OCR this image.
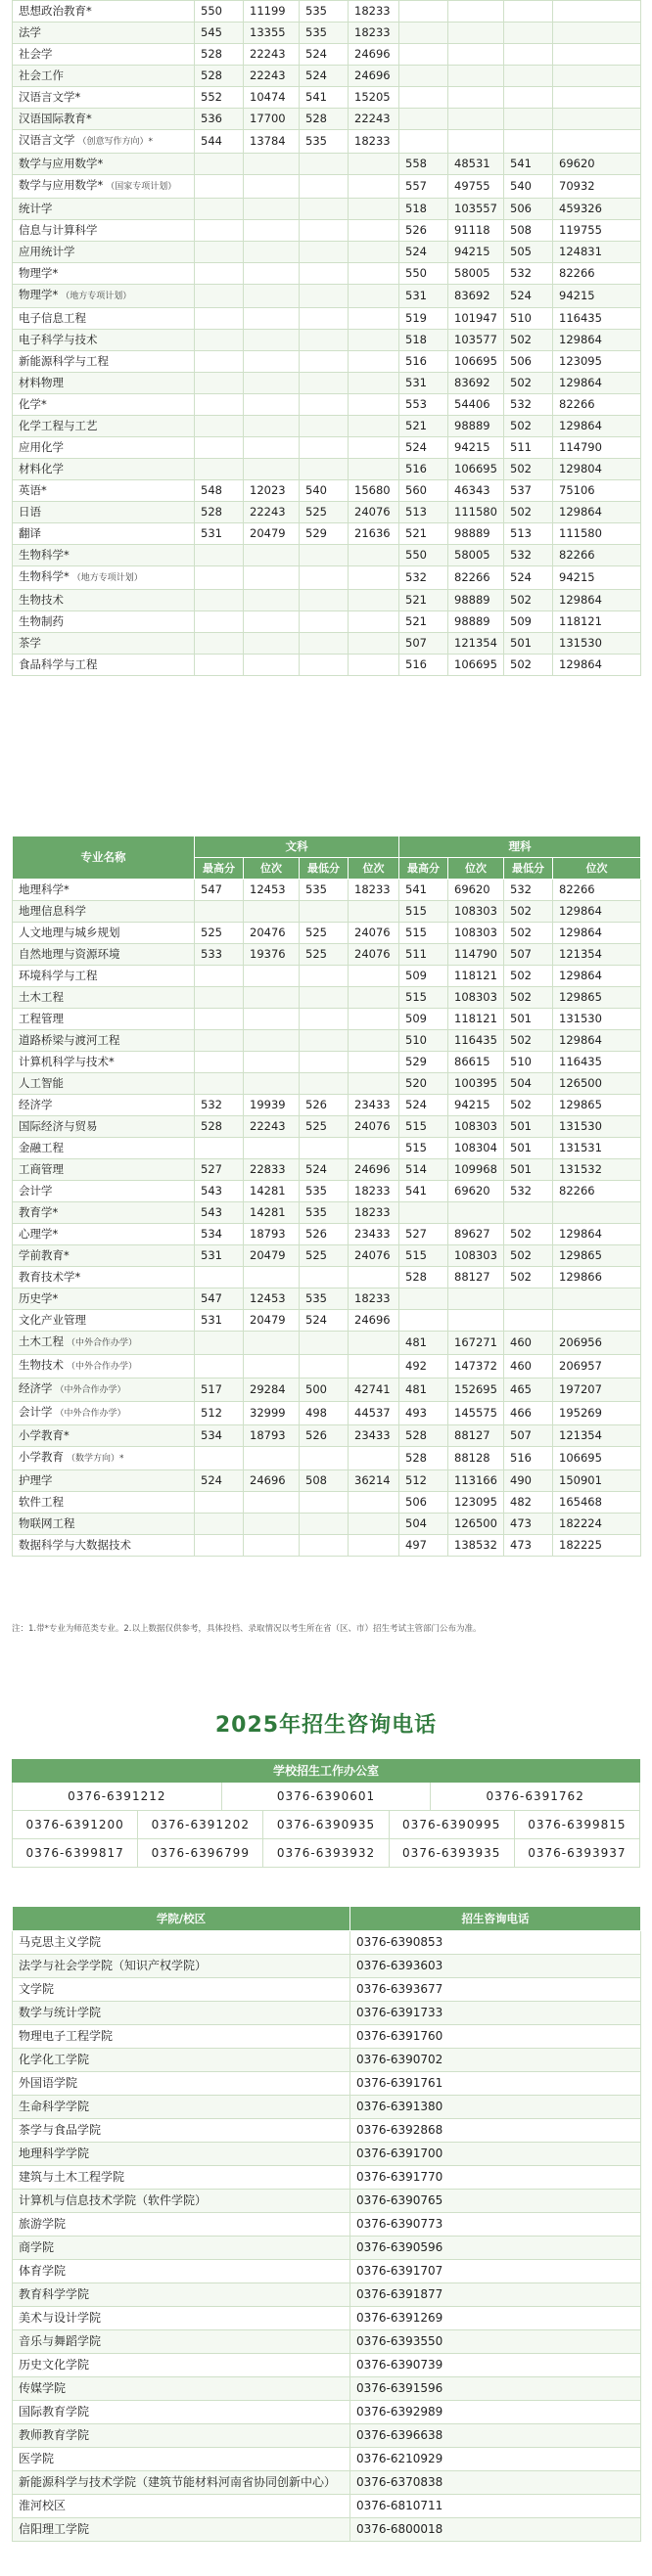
思想政治教育*	550	11199	535	18233				
法学	545	13355	535	18233				
社会学	528	22243	524	24696				
社会工作	528	22243	524	24696				
汉语言文学*	552	10474	541	15205				
汉语国际教育*	536	17700	528	22243				
汉语言文学 （创意写作方向）*	544	13784	535	18233				
数学与应用数学*					558	48531	541	69620
数学与应用数学* （国家专项计划）					557	49755	540	70932
统计学					518	103557	506	459326
信息与计算科学					526	91118	508	119755
应用统计学					524	94215	505	124831
物理学*					550	58005	532	82266
物理学* （地方专项计划）					531	83692	524	94215
电子信息工程					519	101947	510	116435
电子科学与技术					518	103577	502	129864
新能源科学与工程					516	106695	506	123095
材料物理					531	83692	502	129864
化学*					553	54406	532	82266
化学工程与工艺					521	98889	502	129864
应用化学					524	94215	511	114790
材料化学					516	106695	502	129804
英语*	548	12023	540	15680	560	46343	537	75106
日语	528	22243	525	24076	513	111580	502	129864
翻译	531	20479	529	21636	521	98889	513	111580
生物科学*					550	58005	532	82266
生物科学* （地方专项计划）					532	82266	524	94215
生物技术					521	98889	502	129864
生物制药					521	98889	509	118121
茶学					507	121354	501	131530
食品科学与工程					516	106695	502	129864
专业名称	文科				理科			
	最高分	位次	最低分	位次	最高分	位次	最低分	位次
地理科学*	547	12453	535	18233	541	69620	532	82266
地理信息科学					515	108303	502	129864
人文地理与城乡规划	525	20476	525	24076	515	108303	502	129864
自然地理与资源环境	533	19376	525	24076	511	114790	507	121354
环境科学与工程					509	118121	502	129864
土木工程					515	108303	502	129865
工程管理					509	118121	501	131530
道路桥梁与渡河工程					510	116435	502	129864
计算机科学与技术*					529	86615	510	116435
人工智能					520	100395	504	126500
经济学	532	19939	526	23433	524	94215	502	129865
国际经济与贸易	528	22243	525	24076	515	108303	501	131530
金融工程					515	108304	501	131531
工商管理	527	22833	524	24696	514	109968	501	131532
会计学	543	14281	535	18233	541	69620	532	82266
教育学*	543	14281	535	18233				
心理学*	534	18793	526	23433	527	89627	502	129864
学前教育*	531	20479	525	24076	515	108303	502	129865
教育技术学*					528	88127	502	129866
历史学*	547	12453	535	18233				
文化产业管理	531	20479	524	24696				
土木工程 （中外合作办学）					481	167271	460	206956
生物技术 （中外合作办学）					492	147372	460	206957
经济学 （中外合作办学）	517	29284	500	42741	481	152695	465	197207
会计学 （中外合作办学）	512	32999	498	44537	493	145575	466	195269
小学教育*	534	18793	526	23433	528	88127	507	121354
小学教育 （数学方向）*					528	88128	516	106695
护理学	524	24696	508	36214	512	113166	490	150901
软件工程					506	123095	482	165468
物联网工程					504	126500	473	182224
数据科学与大数据技术					497	138532	473	182225
注：1.带*专业为师范类专业。2.以上数据仅供参考，具体投档、录取情况以考生所在省（区、市）招生考试主管部门公布为准。
2025年招生咨询电话
学校招生工作办公室
0376-6391212	0376-6390601	0376-6391762
0376-6391200	0376-6391202	0376-6390935	0376-6390995	0376-6399815
0376-6399817	0376-6396799	0376-6393932	0376-6393935	0376-6393937
学院/校区	招生咨询电话
马克思主义学院	0376-6390853
法学与社会学学院（知识产权学院）	0376-6393603
文学院	0376-6393677
数学与统计学院	0376-6391733
物理电子工程学院	0376-6391760
化学化工学院	0376-6390702
外国语学院	0376-6391761
生命科学学院	0376-6391380
茶学与食品学院	0376-6392868
地理科学学院	0376-6391700
建筑与土木工程学院	0376-6391770
计算机与信息技术学院（软件学院）	0376-6390765
旅游学院	0376-6390773
商学院	0376-6390596
体育学院	0376-6391707
教育科学学院	0376-6391877
美术与设计学院	0376-6391269
音乐与舞蹈学院	0376-6393550
历史文化学院	0376-6390739
传媒学院	0376-6391596
国际教育学院	0376-6392989
教师教育学院	0376-6396638
医学院	0376-6210929
新能源科学与技术学院（建筑节能材料河南省协同创新中心）	0376-6370838
淮河校区	0376-6810711
信阳理工学院	0376-6800018
